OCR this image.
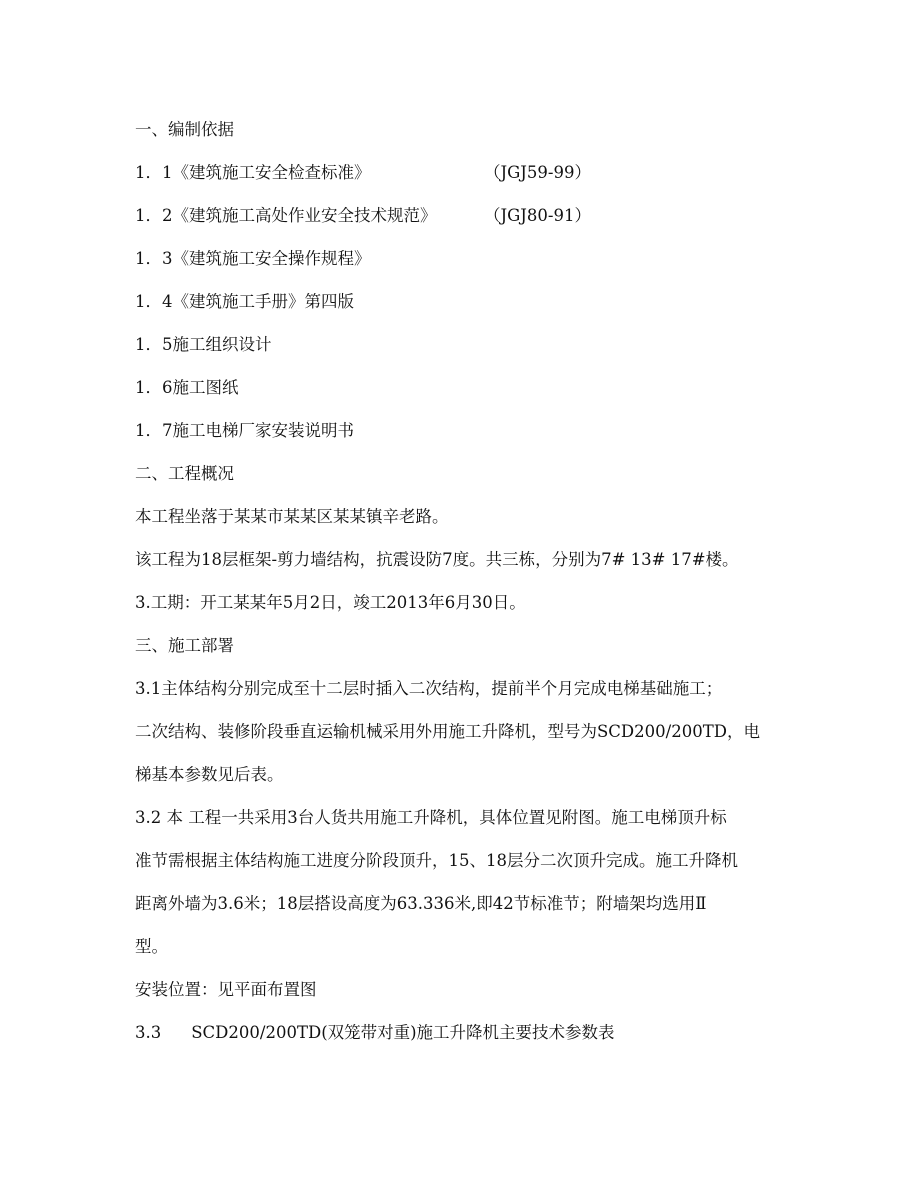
一、编制依据
1．1《建筑施工安全检查标准》	（JGJ59-99）
1．2《建筑施工高处作业安全技术规范》	（JGJ80-91）
1．3《建筑施工安全操作规程》
1．4《建筑施工手册》第四版
1．5施工组织设计
1．6施工图纸
1．7施工电梯厂家安装说明书
二、工程概况
本工程坐落于某某市某某区某某镇辛老路。
该工程为18层框架-剪力墙结构，抗震设防7度。共三栋，分别为7# 13# 17#楼。
3.工期：开工某某年5月2日，竣工2013年6月30日。
三、施工部署
3.1主体结构分别完成至十二层时插入二次结构，提前半个月完成电梯基础施工；
二次结构、装修阶段垂直运输机械采用外用施工升降机，型号为SCD200/200TD，电
梯基本参数见后表。
3.2 本 工程一共采用3台人货共用施工升降机，具体位置见附图。施工电梯顶升标
准节需根据主体结构施工进度分阶段顶升，15、18层分二次顶升完成。施工升降机
距离外墙为3.6米；18层搭设高度为63.336米,即42节标准节；附墙架均选用Ⅱ
型。
安装位置：见平面布置图
3.3 SCD200/200TD(双笼带对重)施工升降机主要技术参数表
